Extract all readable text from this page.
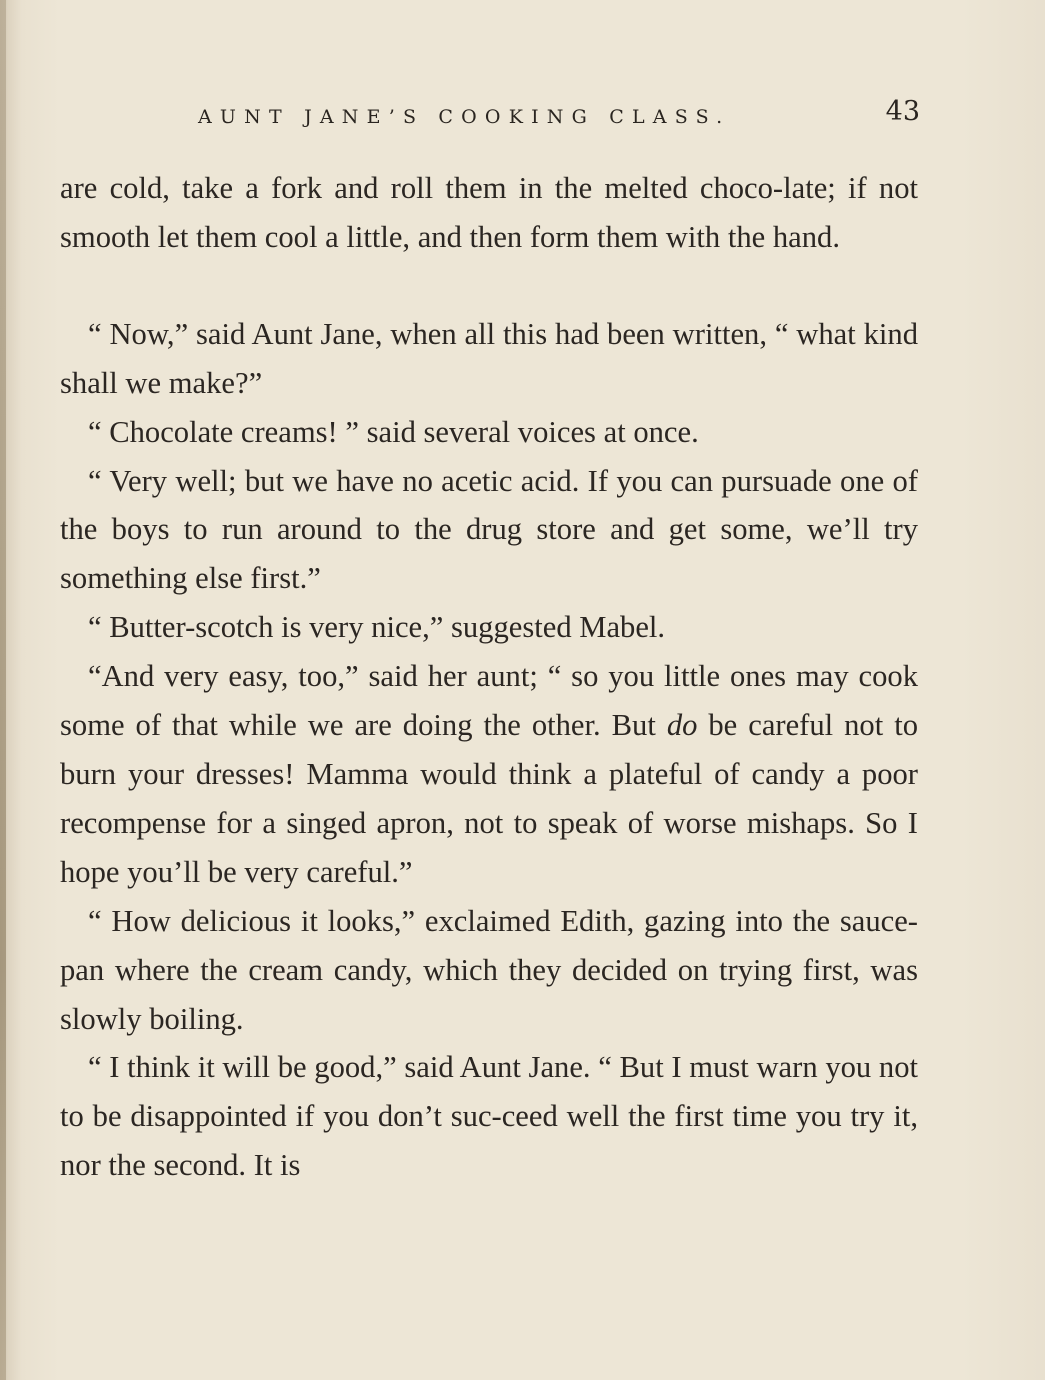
AUNT JANE’S COOKING CLASS.	43

are cold, take a fork and roll them in the melted choco-late; if not smooth let them cool a little, and then form them with the hand.

“ Now,” said Aunt Jane, when all this had been written, “ what kind shall we make?”

“ Chocolate creams! ” said several voices at once.

“ Very well; but we have no acetic acid. If you can pursuade one of the boys to run around to the drug store and get some, we’ll try something else first.”

“ Butter-scotch is very nice,” suggested Mabel.

“And very easy, too,” said her aunt; “ so you little ones may cook some of that while we are doing the other. But do be careful not to burn your dresses! Mamma would think a plateful of candy a poor recompense for a singed apron, not to speak of worse mishaps. So I hope you’ll be very careful.”

“ How delicious it looks,” exclaimed Edith, gazing into the sauce-pan where the cream candy, which they decided on trying first, was slowly boiling.

“ I think it will be good,” said Aunt Jane. “ But I must warn you not to be disappointed if you don’t suc-ceed well the first time you try it, nor the second. It is
